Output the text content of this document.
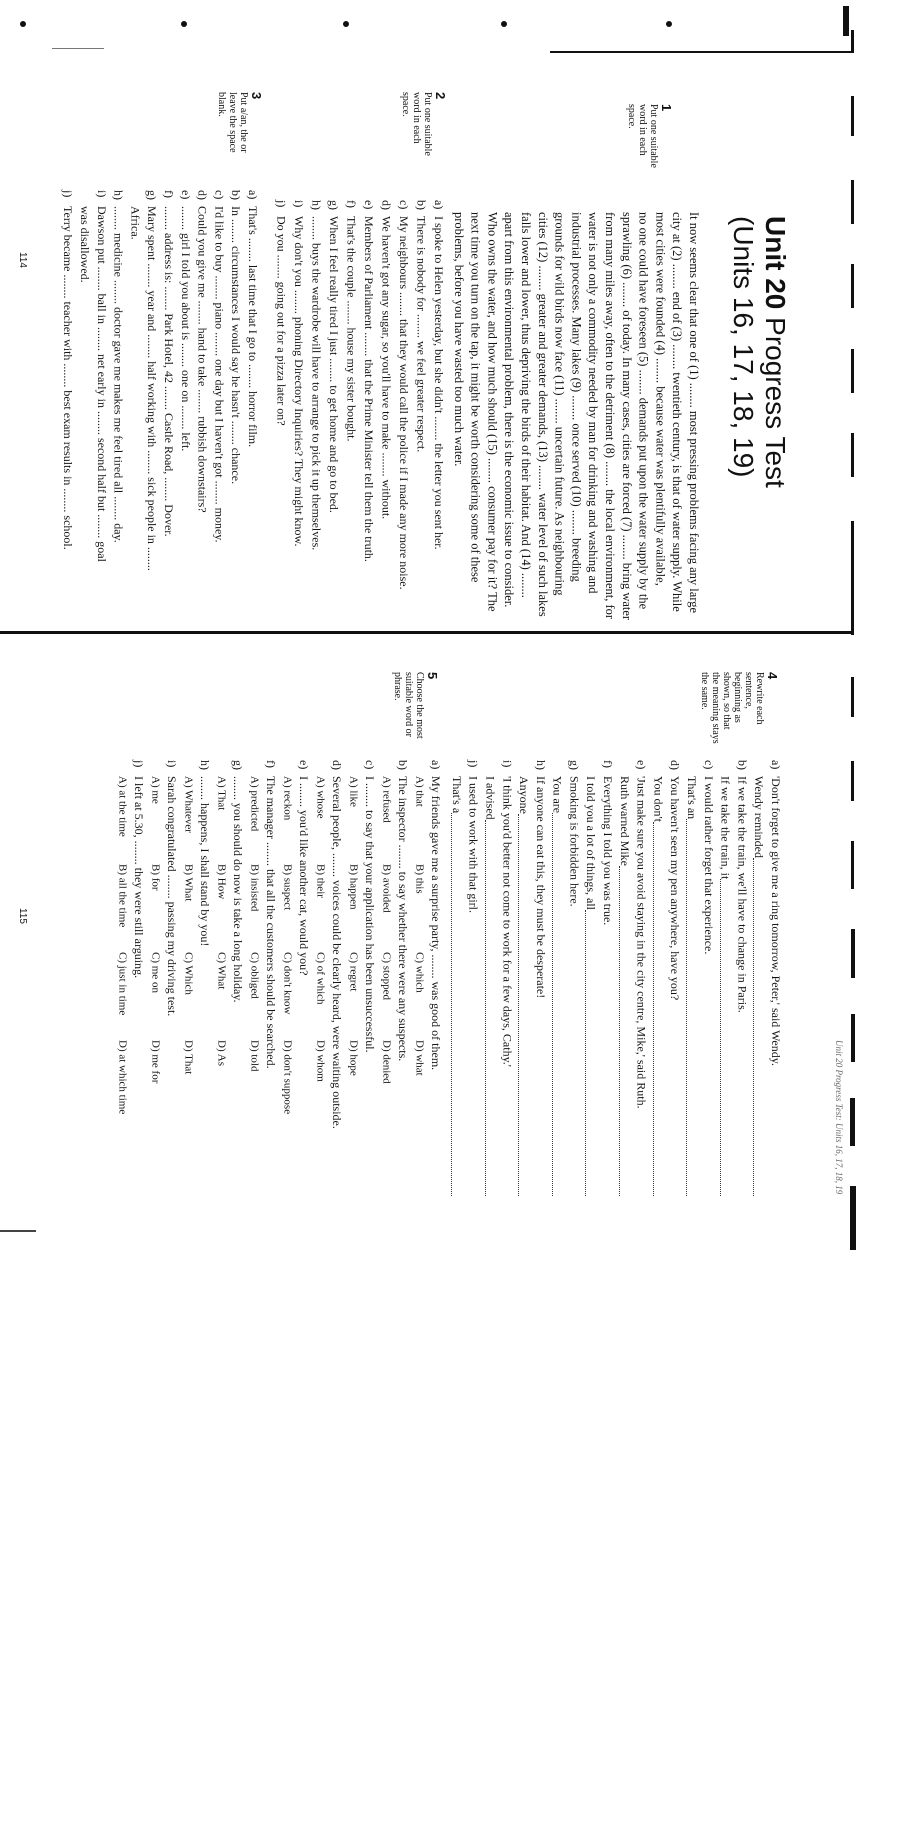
Unit 20 Progress Test
(Units 16, 17, 18, 19)
1
Put one suitable
word in each
space.
It now seems clear that one of (1) ........ most pressing problems facing any large
city at (2) ........ end of (3) ........ twentieth century, is that of water supply. While
most cities were founded (4) ........ because water was plentifully available,
no one could have foreseen (5) ........ demands put upon the water supply by the
sprawling (6) ........ of today. In many cases, cities are forced (7) ........ bring water
from many miles away, often to the detriment (8) ........ the local environment, for
water is not only a commodity needed by man for drinking and washing and
industrial processes. Many lakes (9) ........ once served (10) ........ breeding
grounds for wild birds now face (11) ........ uncertain future. As neighbouring
cities (12) ........ greater and greater demands, (13) ........ water level of such lakes
falls lower and lower, thus depriving the birds of their habitat. And (14) ........
apart from this environmental problem, there is the economic issue to consider.
Who owns the water, and how much should (15) ........ consumer pay for it? The
next time you turn on the tap, it might be worth considering some of these
problems, before you have wasted too much water.
2
Put one suitable
word in each
space.
a)
I spoke to Helen yesterday, but she didn't ........ the letter you sent her.
b)
There is nobody for ........ we feel greater respect.
c)
My neighbours ........ that they would call the police if I made any more noise.
d)
We haven't got any sugar, so you'll have to make ........ without.
e)
Members of Parliament ........ that the Prime Minister tell them the truth.
f)
That's the couple ........ house my sister bought.
g)
When I feel really tired I just ........ to get home and go to bed.
h)
........ buys the wardrobe will have to arrange to pick it up themselves.
i)
Why don't you ........ phoning Directory Inquiries? They might know.
j)
Do you ........ going out for a pizza later on?
3
Put a/an, the or
leave the space
blank.
a)
That's ........ last time that I go to ........ horror film.
b)
In ........ circumstances I would say he hasn't ........ chance.
c)
I'd like to buy ........ piano ........ one day but I haven't got ........ money.
d)
Could you give me ........ hand to take ........ rubbish downstairs?
e)
........ girl I told you about is ........ one on ........ left.
f)
........ address is: ........ Park Hotel, 42 ........ Castle Road, ........ Dover.
g)
Mary spent ........ year and ........ half working with ........ sick people in ........
Africa.
h)
........ medicine ........ doctor gave me makes me feel tired all ........ day.
i)
Dawson put ........ ball in ........ net early in ........ second half but ........ goal
was disallowed.
j)
Terry became ........ teacher with ........ best exam results in ........ school.
114
Unit 20 Progress Test: Units 16, 17, 18, 19
4
Rewrite each
sentence,
beginning as
shown, so that
the meaning stays
the same.
a)
'Don't forget to give me a ring tomorrow, Peter,' said Wendy.
Wendy reminded
b)
If we take the train, we'll have to change in Paris.
If we take the train, it
c)
I would rather forget that experience.
That's an
d)
You haven't seen my pen anywhere, have you?
You don't
e)
'Just make sure you avoid staying in the city centre, Mike,' said Ruth.
Ruth warned Mike
f)
Everything I told you was true.
I told you a lot of things, all
g)
Smoking is forbidden here.
You are
h)
If anyone can eat this, they must be desperate!
Anyone
i)
'I think you'd better not come to work for a few days, Cathy.'
I advised
j)
I used to work with that girl.
That's a
5
Choose the most
suitable word or
phrase.
a)
My friends gave me a surprise party, ........ was good of them.
A) that
B) this
C) which
D) what
b)
The inspector ........ to say whether there were any suspects.
A) refused
B) avoided
C) stopped
D) denied
c)
I ........ to say that your application has been unsuccessful.
A) like
B) happen
C) regret
D) hope
d)
Several people, ........ voices could be clearly heard, were waiting outside.
A) whose
B) their
C) of which
D) whom
e)
I ........ you'd like another cat, would you?
A) reckon
B) suspect
C) don't know
D) don't suppose
f)
The manager ........ that all the customers should be searched.
A) predicted
B) insisted
C) obliged
D) told
g)
........ you should do now is take a long holiday.
A) That
B) How
C) What
D) As
h)
........ happens, I shall stand by you!
A) Whatever
B) What
C) Which
D) That
i)
Sarah congratulated ........ passing my driving test.
A) me
B) for
C) me on
D) me for
j)
I left at 5.30, ........ they were still arguing.
A) at the time
B) all the time
C) just in time
D) at which time
115
